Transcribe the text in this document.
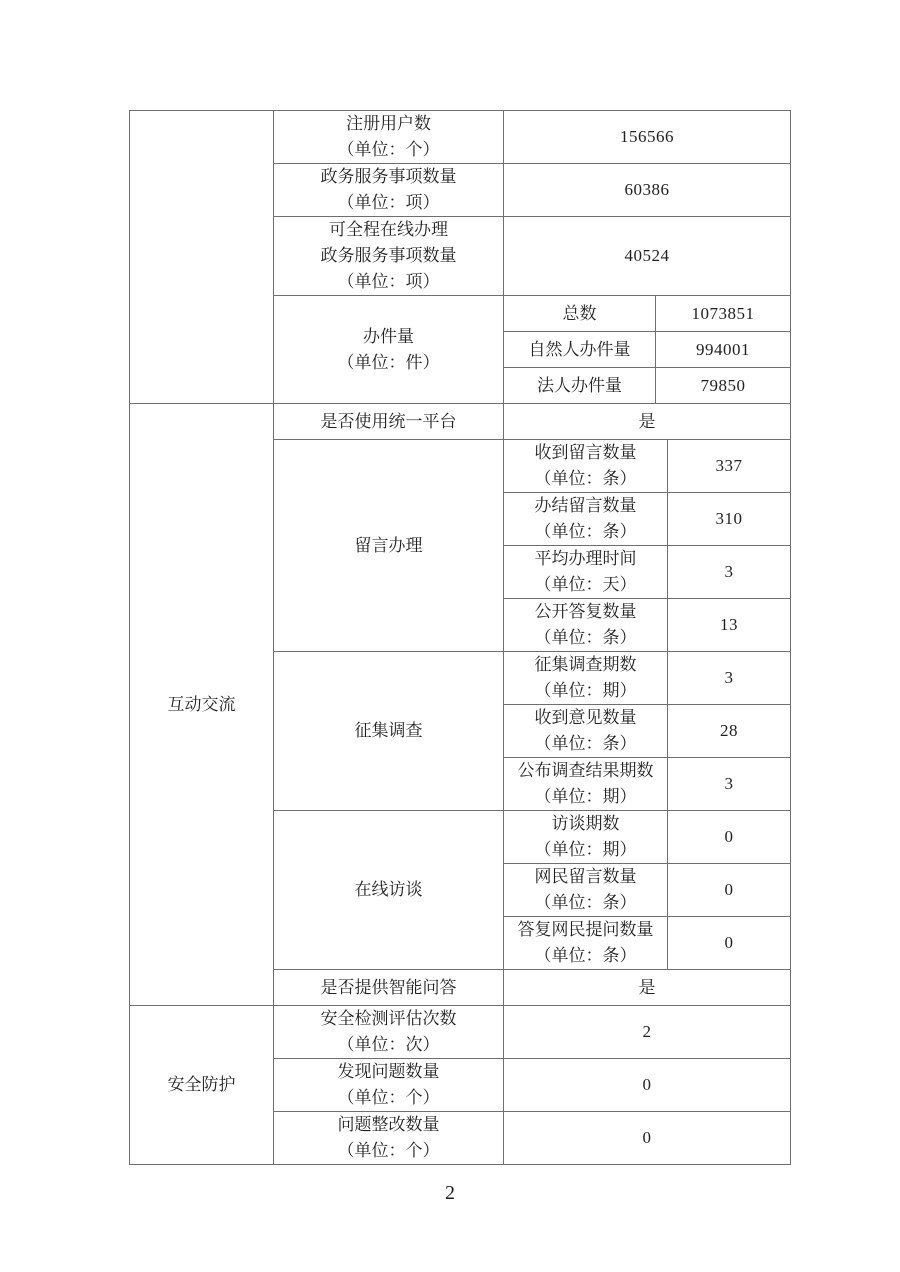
	注册用户数
（单位：个）	156566		

	政务服务事项数量
（单位：项）	60386		

	可全程在线办理
政务服务事项数量
（单位：项）	40524		

	办件量
（单位：件）	总数	1073851	
		自然人办件量	994001	
		法人办件量	79850	
互动交流	是否使用统一平台	是		
	留言办理	收到留言数量
（单位：条）		337

		办结留言数量
（单位：条）		310

		平均办理时间
（单位：天）		3

		公开答复数量
（单位：条）		13
	征集调查	征集调查期数
（单位：期）		3

		收到意见数量
（单位：条）		28

		公布调查结果期数
（单位：期）		3
	在线访谈	访谈期数
（单位：期）		0

		网民留言数量
（单位：条）		0

		答复网民提问数量
（单位：条）		0
	是否提供智能问答	是		
安全防护	安全检测评估次数
（单位：次）	2		

	发现问题数量
（单位：个）	0		

	问题整改数量
（单位：个）	0		
2
